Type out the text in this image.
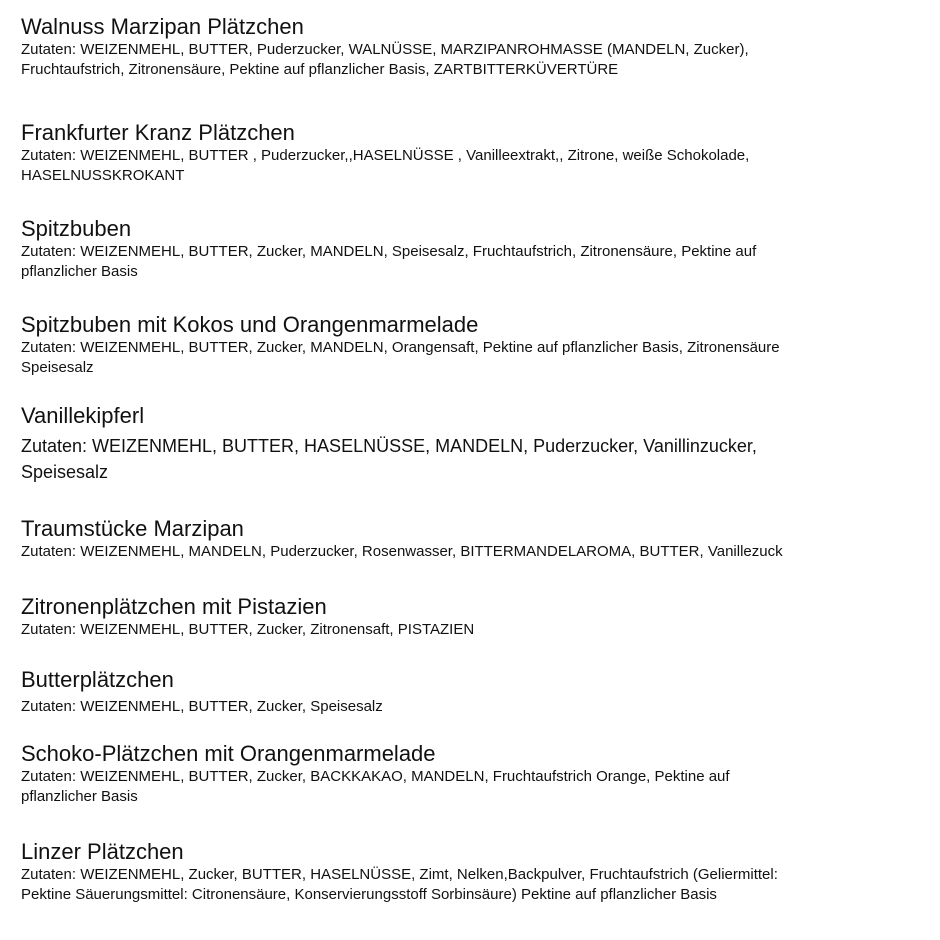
Walnuss Marzipan Plätzchen
Zutaten: WEIZENMEHL, BUTTER, Puderzucker, WALNÜSSE, MARZIPANROHMASSE (MANDELN, Zucker),
Fruchtaufstrich, Zitronensäure, Pektine auf pflanzlicher Basis, ZARTBITTERKÜVERTÜRE
Frankfurter Kranz Plätzchen
Zutaten: WEIZENMEHL, BUTTER , Puderzucker,,HASELNÜSSE , Vanilleextrakt,, Zitrone, weiße Schokolade,
HASELNUSSKROKANT
Spitzbuben
Zutaten: WEIZENMEHL, BUTTER, Zucker, MANDELN, Speisesalz, Fruchtaufstrich, Zitronensäure, Pektine auf
pflanzlicher Basis
Spitzbuben mit Kokos und Orangenmarmelade
Zutaten: WEIZENMEHL, BUTTER, Zucker, MANDELN, Orangensaft, Pektine auf pflanzlicher Basis, Zitronensäure
Speisesalz
Vanillekipferl
Zutaten: WEIZENMEHL, BUTTER, HASELNÜSSE, MANDELN, Puderzucker, Vanillinzucker,
Speisesalz
Traumstücke Marzipan
Zutaten: WEIZENMEHL, MANDELN, Puderzucker, Rosenwasser, BITTERMANDELAROMA, BUTTER, Vanillezuck
Zitronenplätzchen mit Pistazien
Zutaten: WEIZENMEHL, BUTTER, Zucker, Zitronensaft, PISTAZIEN
Butterplätzchen
Zutaten: WEIZENMEHL, BUTTER, Zucker, Speisesalz
Schoko-Plätzchen mit Orangenmarmelade
Zutaten: WEIZENMEHL, BUTTER, Zucker, BACKKAKAO, MANDELN, Fruchtaufstrich Orange, Pektine auf
pflanzlicher Basis
Linzer Plätzchen
Zutaten: WEIZENMEHL, Zucker, BUTTER, HASELNÜSSE, Zimt, Nelken,Backpulver, Fruchtaufstrich (Geliermittel:
Pektine Säuerungsmittel: Citronensäure, Konservierungsstoff Sorbinsäure) Pektine auf pflanzlicher Basis
